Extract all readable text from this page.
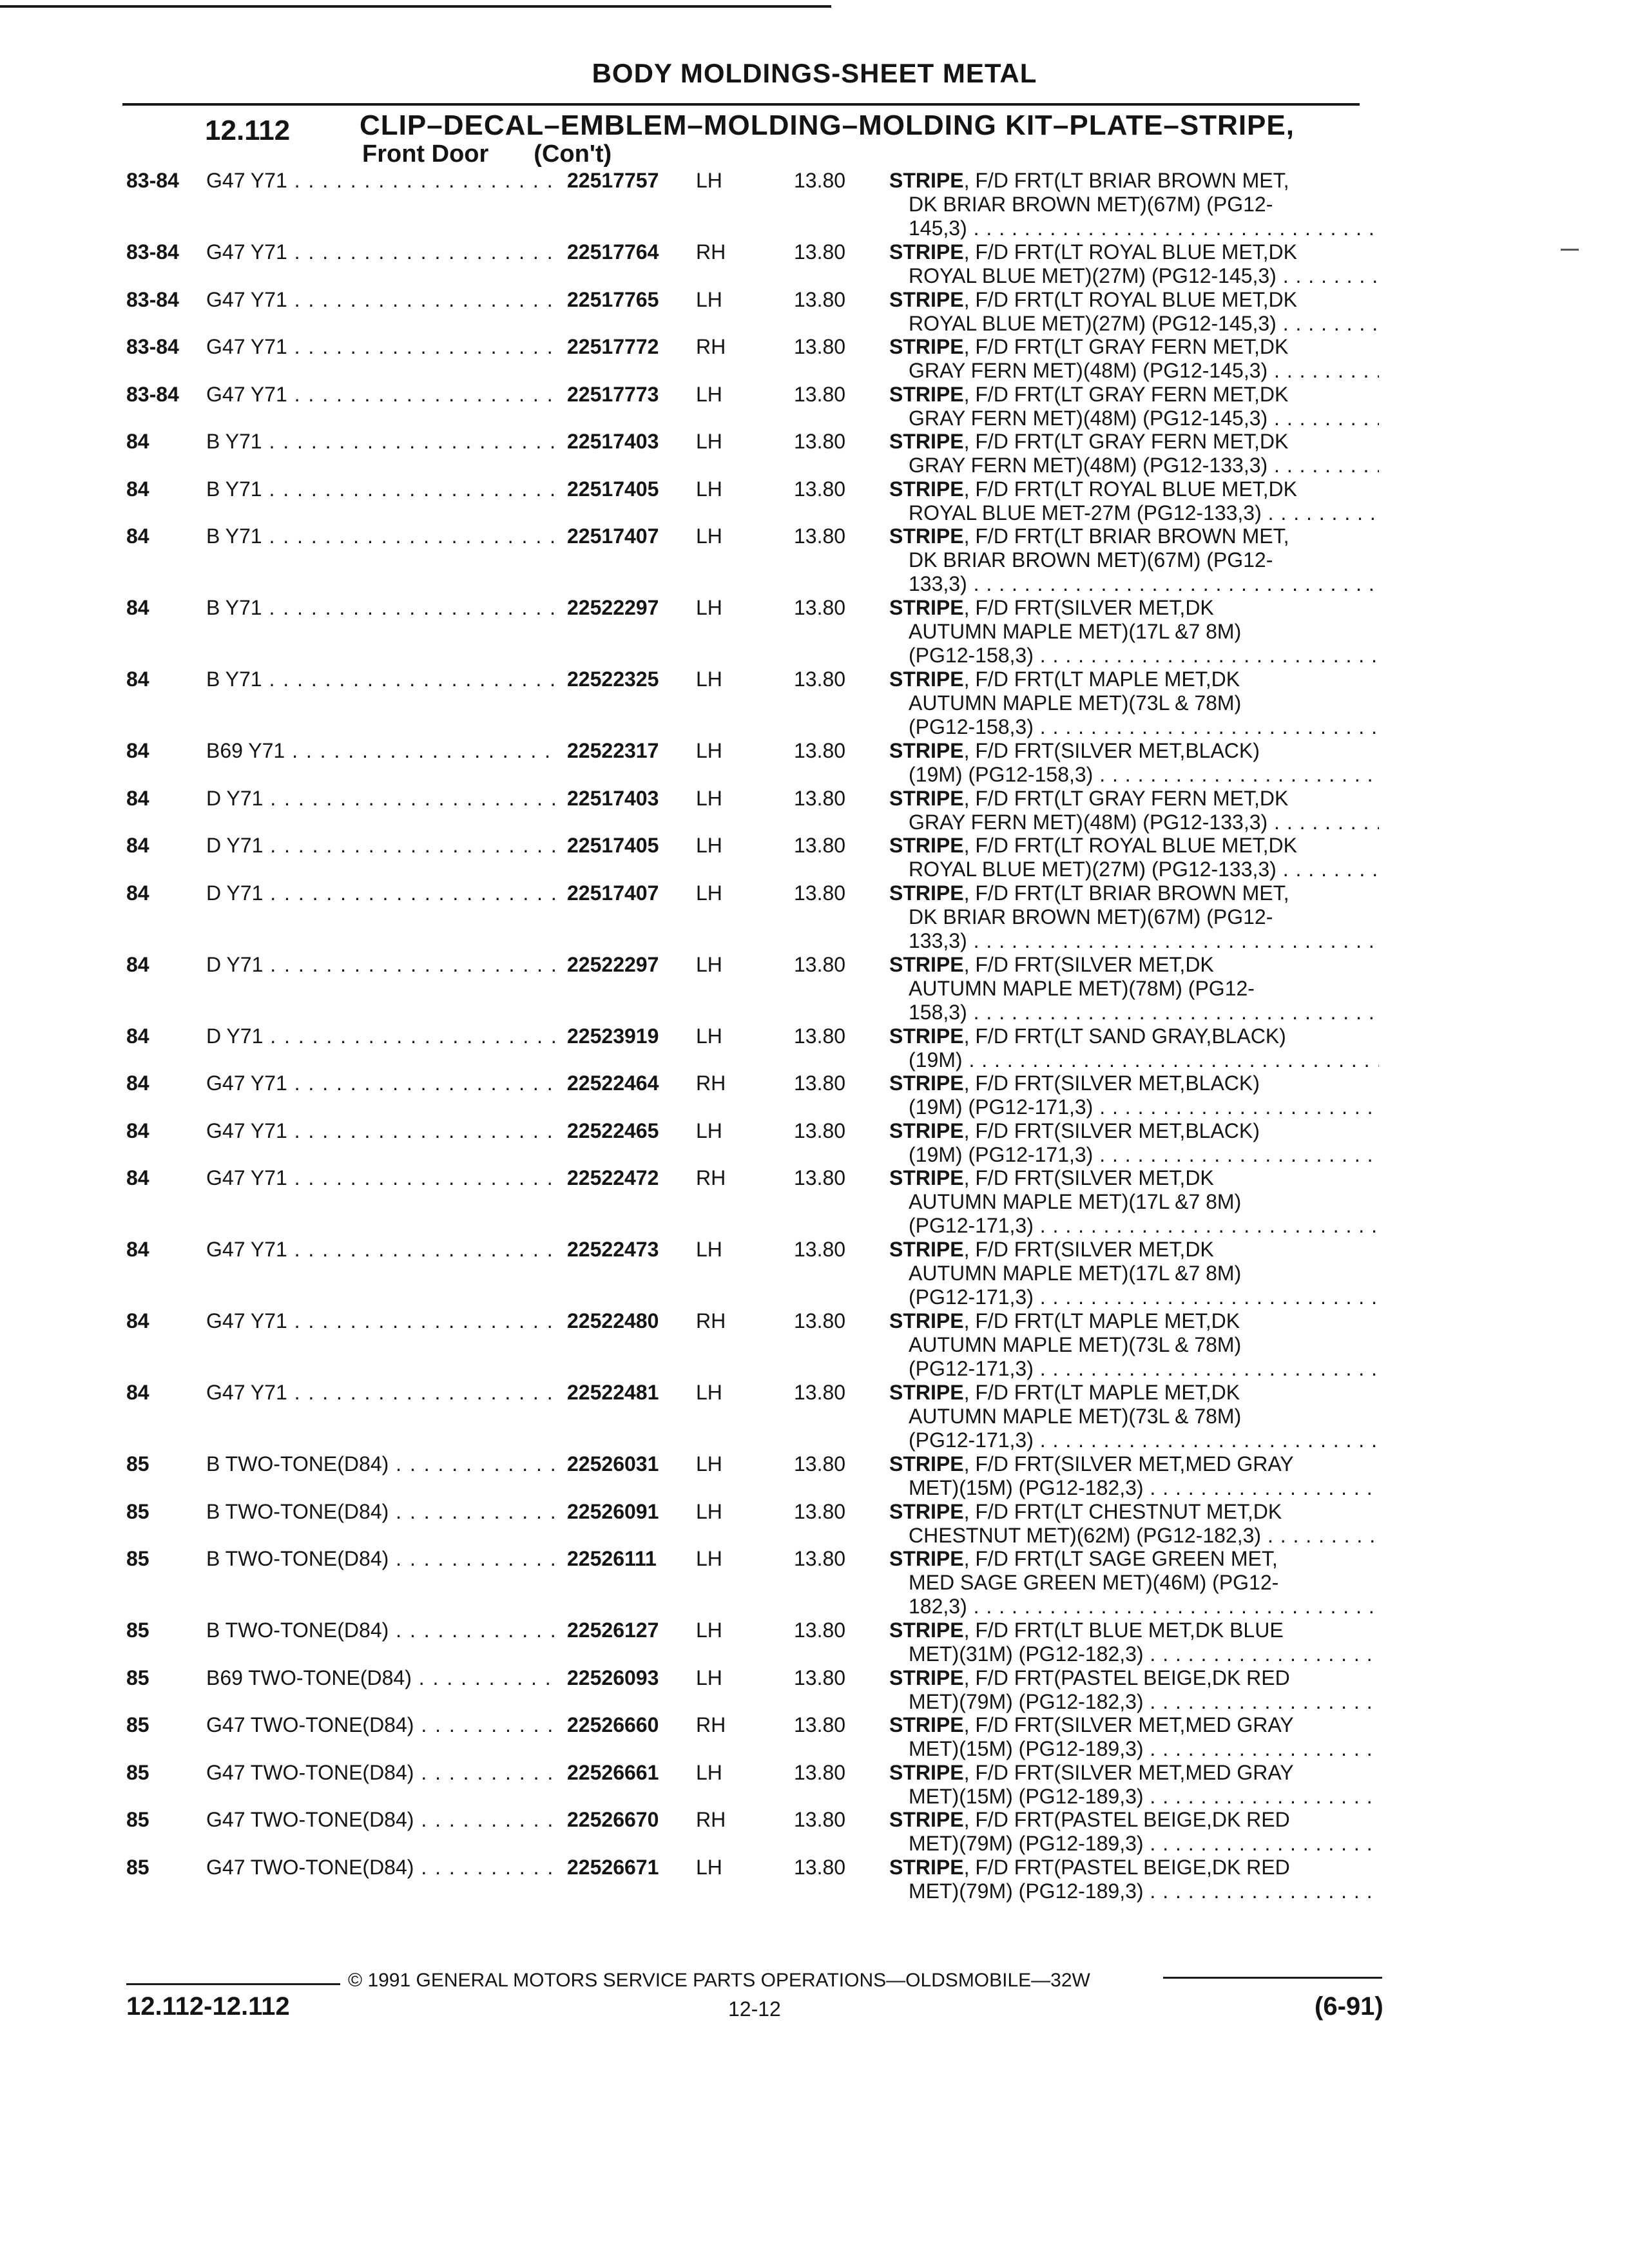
BODY MOLDINGS-SHEET METAL
12.112 CLIP–DECAL–EMBLEM–MOLDING–MOLDING KIT–PLATE–STRIPE,
Front Door (Con't)
83-84 G47 Y71 . . .	22517757 LH	13.80 STRIPE, F/D FRT(LT BRIAR BROWN MET,
DK BRIAR BROWN MET)(67M) (PG12-
145,3) . . .
83-84 G47 Y71 . . .	22517764 RH	13.80 STRIPE, F/D FRT(LT ROYAL BLUE MET,DK
ROYAL BLUE MET)(27M) (PG12-145,3) . . .
83-84 G47 Y71 . . .	22517765 LH	13.80 STRIPE, F/D FRT(LT ROYAL BLUE MET,DK
ROYAL BLUE MET)(27M) (PG12-145,3) . . .
83-84 G47 Y71 . . .	22517772 RH	13.80 STRIPE, F/D FRT(LT GRAY FERN MET,DK
GRAY FERN MET)(48M) (PG12-145,3) . . .
83-84 G47 Y71 . . .	22517773 LH	13.80 STRIPE, F/D FRT(LT GRAY FERN MET,DK
GRAY FERN MET)(48M) (PG12-145,3) . . .
84	B Y71 . . .	22517403 LH	13.80 STRIPE, F/D FRT(LT GRAY FERN MET,DK
GRAY FERN MET)(48M) (PG12-133,3) . . .
84	B Y71 . . .	22517405 LH	13.80 STRIPE, F/D FRT(LT ROYAL BLUE MET,DK
ROYAL BLUE MET-27M (PG12-133,3) . . .
84	B Y71 . . .	22517407 LH	13.80 STRIPE, F/D FRT(LT BRIAR BROWN MET,
DK BRIAR BROWN MET)(67M) (PG12-
133,3) . . .
84	B Y71 . . .	22522297 LH	13.80 STRIPE, F/D FRT(SILVER MET,DK
AUTUMN MAPLE MET)(17L &7 8M)
(PG12-158,3) . . .
84	B Y71 . . .	22522325 LH	13.80 STRIPE, F/D FRT(LT MAPLE MET,DK
AUTUMN MAPLE MET)(73L & 78M)
(PG12-158,3) . . .
84	B69 Y71 . . .	22522317 LH	13.80 STRIPE, F/D FRT(SILVER MET,BLACK)
(19M) (PG12-158,3) . . .
84	D Y71 . . .	22517403 LH	13.80 STRIPE, F/D FRT(LT GRAY FERN MET,DK
GRAY FERN MET)(48M) (PG12-133,3) . . .
84	D Y71 . . .	22517405 LH	13.80 STRIPE, F/D FRT(LT ROYAL BLUE MET,DK
ROYAL BLUE MET)(27M) (PG12-133,3) . . .
84	D Y71 . . .	22517407 LH	13.80 STRIPE, F/D FRT(LT BRIAR BROWN MET,
DK BRIAR BROWN MET)(67M) (PG12-
133,3) . . .
84	D Y71 . . .	22522297 LH	13.80 STRIPE, F/D FRT(SILVER MET,DK
AUTUMN MAPLE MET)(78M) (PG12-
158,3) . . .
84	D Y71 . . .	22523919 LH	13.80 STRIPE, F/D FRT(LT SAND GRAY,BLACK)
(19M) . . .
84	G47 Y71 . . .	22522464 RH	13.80 STRIPE, F/D FRT(SILVER MET,BLACK)
(19M) (PG12-171,3) . . .
84	G47 Y71 . . .	22522465 LH	13.80 STRIPE, F/D FRT(SILVER MET,BLACK)
(19M) (PG12-171,3) . . .
84	G47 Y71 . . .	22522472 RH	13.80 STRIPE, F/D FRT(SILVER MET,DK
AUTUMN MAPLE MET)(17L &7 8M)
(PG12-171,3) . . .
84	G47 Y71 . . .	22522473 LH	13.80 STRIPE, F/D FRT(SILVER MET,DK
AUTUMN MAPLE MET)(17L &7 8M)
(PG12-171,3) . . .
84	G47 Y71 . . .	22522480 RH	13.80 STRIPE, F/D FRT(LT MAPLE MET,DK
AUTUMN MAPLE MET)(73L & 78M)
(PG12-171,3) . . .
84	G47 Y71 . . .	22522481 LH	13.80 STRIPE, F/D FRT(LT MAPLE MET,DK
AUTUMN MAPLE MET)(73L & 78M)
(PG12-171,3) . . .
85	B TWO-TONE(D84) . . .	22526031 LH	13.80 STRIPE, F/D FRT(SILVER MET,MED GRAY
MET)(15M) (PG12-182,3) . . .
85	B TWO-TONE(D84) . . .	22526091 LH	13.80 STRIPE, F/D FRT(LT CHESTNUT MET,DK
CHESTNUT MET)(62M) (PG12-182,3) . . .
85	B TWO-TONE(D84) . . .	22526111 LH	13.80 STRIPE, F/D FRT(LT SAGE GREEN MET,
MED SAGE GREEN MET)(46M) (PG12-
182,3) . . .
85	B TWO-TONE(D84) . . .	22526127 LH	13.80 STRIPE, F/D FRT(LT BLUE MET,DK BLUE
MET)(31M) (PG12-182,3) . . .
85	B69 TWO-TONE(D84) . . .	22526093 LH	13.80 STRIPE, F/D FRT(PASTEL BEIGE,DK RED
MET)(79M) (PG12-182,3) . . .
85	G47 TWO-TONE(D84) . . .	22526660 RH	13.80 STRIPE, F/D FRT(SILVER MET,MED GRAY
MET)(15M) (PG12-189,3) . . .
85	G47 TWO-TONE(D84) . . .	22526661 LH	13.80 STRIPE, F/D FRT(SILVER MET,MED GRAY
MET)(15M) (PG12-189,3) . . .
85	G47 TWO-TONE(D84) . . .	22526670 RH	13.80 STRIPE, F/D FRT(PASTEL BEIGE,DK RED
MET)(79M) (PG12-189,3) . . .
85	G47 TWO-TONE(D84) . . .	22526671 LH	13.80 STRIPE, F/D FRT(PASTEL BEIGE,DK RED
MET)(79M) (PG12-189,3) . . .
© 1991 GENERAL MOTORS SERVICE PARTS OPERATIONS—OLDSMOBILE—32W
12.112-12.112	12-12	(6-91)
